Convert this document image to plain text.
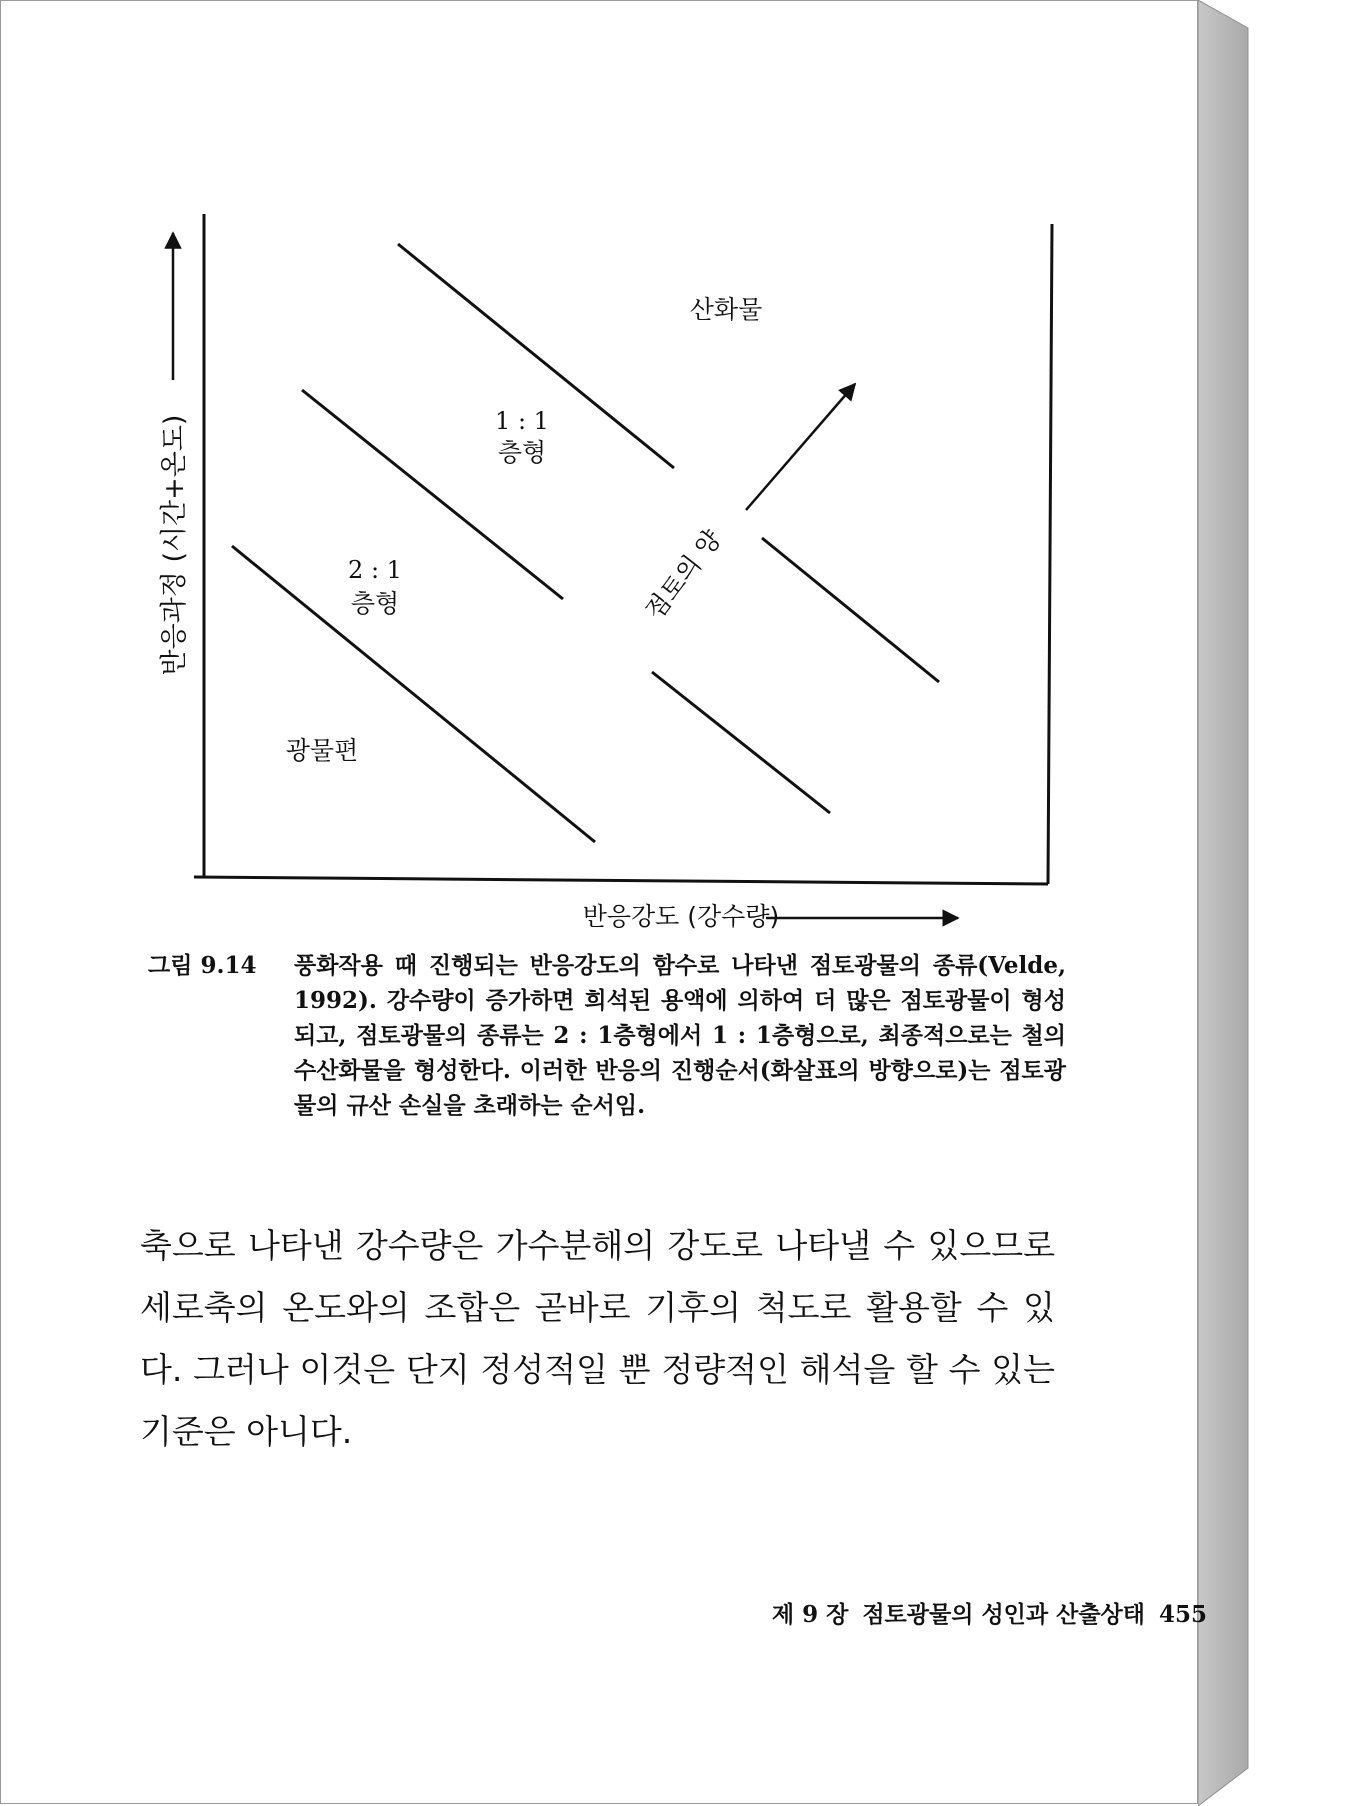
반응과정 (시간+온도)
반응강도 (강수량)
산화물
1 : 1
층형
2 : 1
층형
광물편
점토의 양
그림 9.14 풍화작용 때 진행되는 반응강도의 함수로 나타낸 점토광물의 종류(Velde, 1992). 강수량이 증가하면 희석된 용액에 의하여 더 많은 점토광물이 형성되고, 점토광물의 종류는 2 : 1층형에서 1 : 1층형으로, 최종적으로는 철의 수산화물을 형성한다. 이러한 반응의 진행순서(화살표의 방향으로)는 점토광물의 규산 손실을 초래하는 순서임.
축으로 나타낸 강수량은 가수분해의 강도로 나타낼 수 있으므로 세로축의 온도와의 조합은 곧바로 기후의 척도로 활용할 수 있다. 그러나 이것은 단지 정성적일 뿐 정량적인 해석을 할 수 있는 기준은 아니다.
제 9 장 점토광물의 성인과 산출상태 455
